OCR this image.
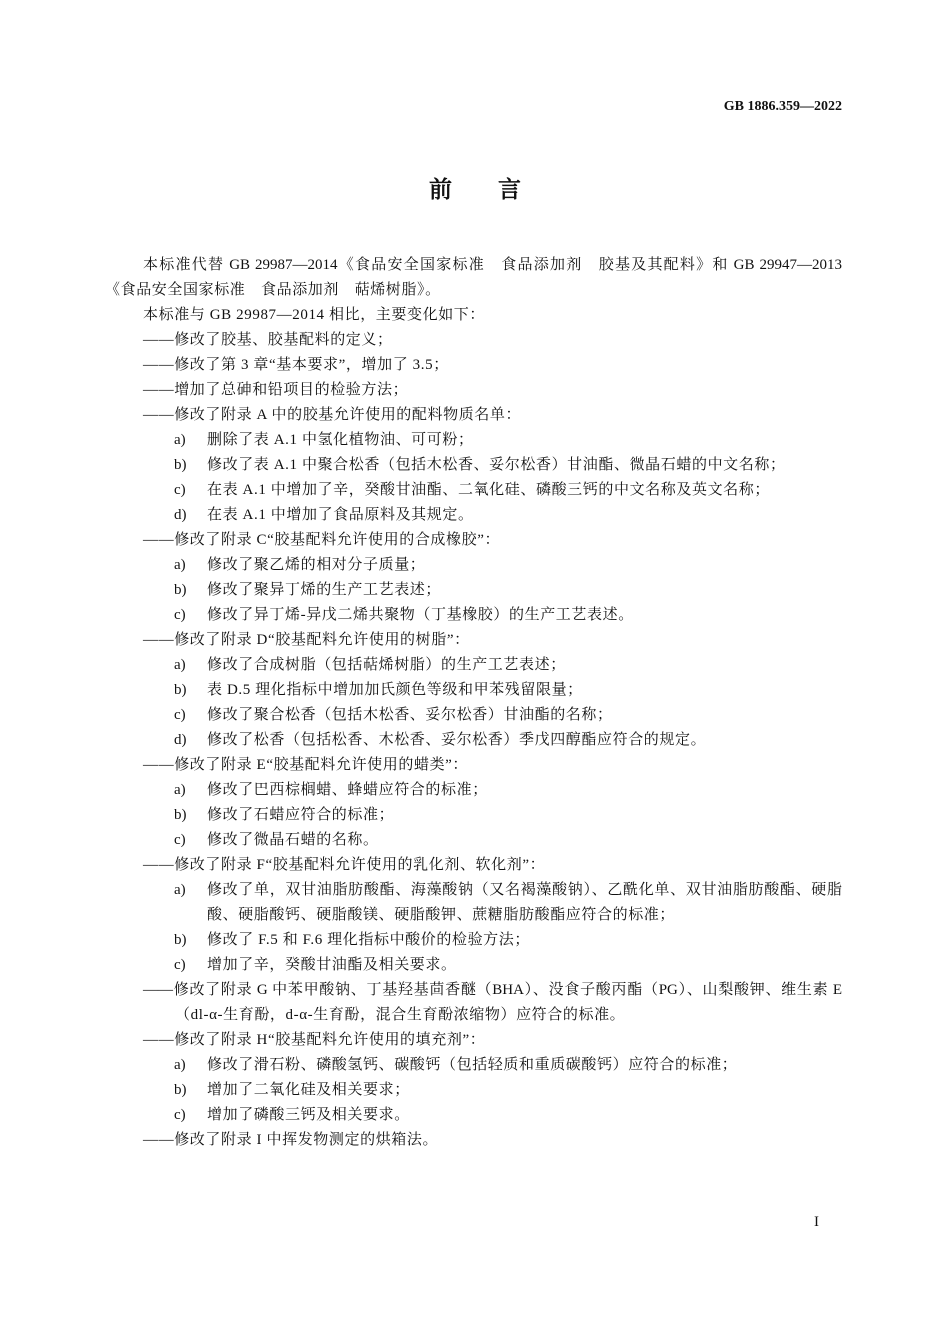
GB 1886.359—2022
前　　言
本标准代替 GB 29987—2014《食品安全国家标准　食品添加剂　胶基及其配料》和 GB 29947—2013
《食品安全国家标准　食品添加剂　萜烯树脂》。
本标准与 GB 29987—2014 相比，主要变化如下：
——修改了胶基、胶基配料的定义；
——修改了第 3 章“基本要求”，增加了 3.5；
——增加了总砷和铅项目的检验方法；
——修改了附录 A 中的胶基允许使用的配料物质名单：
a) 删除了表 A.1 中氢化植物油、可可粉；
b) 修改了表 A.1 中聚合松香（包括木松香、妥尔松香）甘油酯、微晶石蜡的中文名称；
c) 在表 A.1 中增加了辛，癸酸甘油酯、二氧化硅、磷酸三钙的中文名称及英文名称；
d) 在表 A.1 中增加了食品原料及其规定。
——修改了附录 C“胶基配料允许使用的合成橡胶”：
a) 修改了聚乙烯的相对分子质量；
b) 修改了聚异丁烯的生产工艺表述；
c) 修改了异丁烯-异戊二烯共聚物（丁基橡胶）的生产工艺表述。
——修改了附录 D“胶基配料允许使用的树脂”：
a) 修改了合成树脂（包括萜烯树脂）的生产工艺表述；
b) 表 D.5 理化指标中增加加氏颜色等级和甲苯残留限量；
c) 修改了聚合松香（包括木松香、妥尔松香）甘油酯的名称；
d) 修改了松香（包括松香、木松香、妥尔松香）季戊四醇酯应符合的规定。
——修改了附录 E“胶基配料允许使用的蜡类”：
a) 修改了巴西棕榈蜡、蜂蜡应符合的标准；
b) 修改了石蜡应符合的标准；
c) 修改了微晶石蜡的名称。
——修改了附录 F“胶基配料允许使用的乳化剂、软化剂”：
a)	修改了单，双甘油脂肪酸酯、海藻酸钠（又名褐藻酸钠）、乙酰化单、双甘油脂肪酸酯、硬脂
酸、硬脂酸钙、硬脂酸镁、硬脂酸钾、蔗糖脂肪酸酯应符合的标准；
b) 修改了 F.5 和 F.6 理化指标中酸价的检验方法；
c) 增加了辛，癸酸甘油酯及相关要求。
——修改了附录 G 中苯甲酸钠、丁基羟基茴香醚（BHA）、没食子酸丙酯（PG）、山梨酸钾、维生素 E
（dl-α-生育酚，d-α-生育酚，混合生育酚浓缩物）应符合的标准。
——修改了附录 H“胶基配料允许使用的填充剂”：
a) 修改了滑石粉、磷酸氢钙、碳酸钙（包括轻质和重质碳酸钙）应符合的标准；
b) 增加了二氧化硅及相关要求；
c) 增加了磷酸三钙及相关要求。
——修改了附录 I 中挥发物测定的烘箱法。
I
